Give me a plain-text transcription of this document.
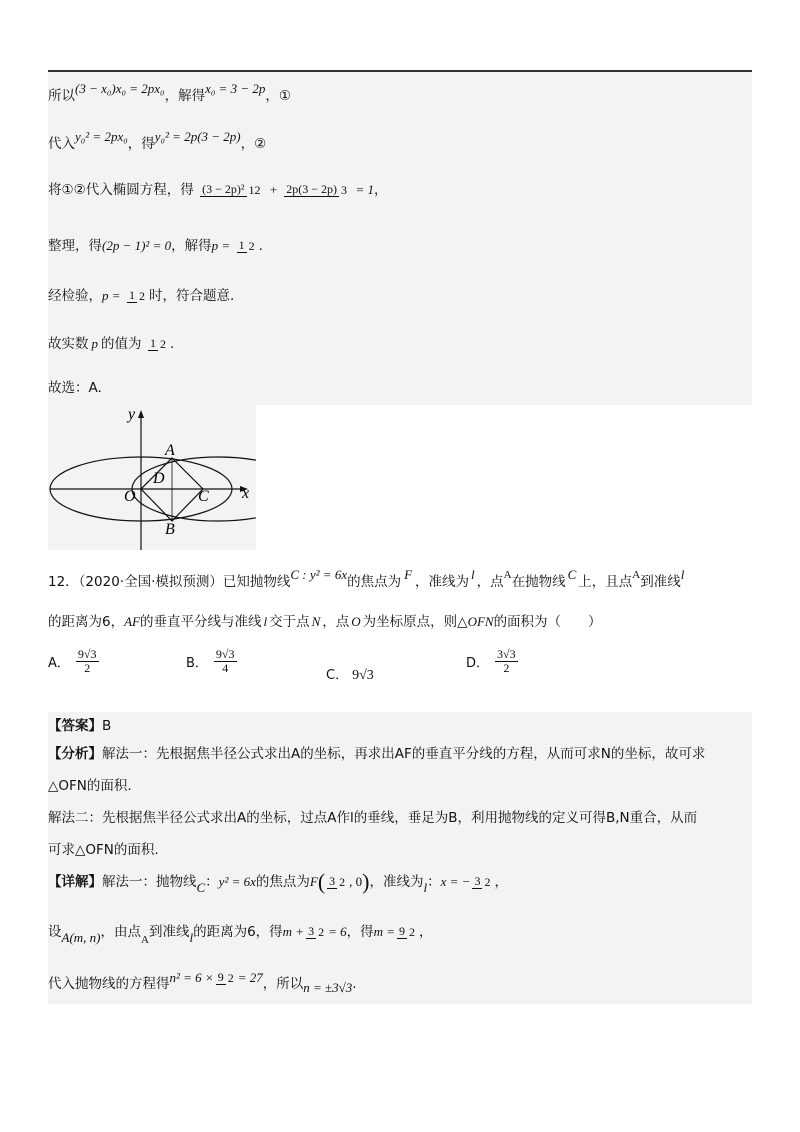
所以(3 − x₀)x₀ = 2px₀，解得x₀ = 3 − 2p，①
代入y₀² = 2px₀，得y₀² = 2p(3 − 2p)，②
将①②代入椭圆方程，得 (3 − 2p)² 12 + 2p(3 − 2p) 3 = 1，
整理，得(2p − 1)² = 0，解得p = 1 2 .
经检验，p = 1 2 时，符合题意.
故实数 p 的值为 1 2 .
故选：A.
y
x
A
B
C
D
O
12．（2020·全国·模拟预测）已知抛物线C : y² = 6x的焦点为 F ，准线为 l ，点A在抛物线 C 上，且点A到准线l
的距离为6，AF的垂直平分线与准线 l 交于点 N ，点 O 为坐标原点，则△OFN的面积为（　　）
A． $\frac{9√3}{2}$	B． $\frac{9√3}{4}$
C． 9√3
D． $\frac{3√3}{2}$
【答案】B
【分析】解法一：先根据焦半径公式求出A的坐标，再求出AF的垂直平分线的方程，从而可求N的坐标，故可求
△OFN的面积.
解法二：先根据焦半径公式求出A的坐标，过点A作l的垂线，垂足为B，利用抛物线的定义可得B,N重合，从而
可求△OFN的面积.
【详解】解法一：抛物线C：y² = 6x的焦点为F( 3 2 , 0)，准线为l：x = − 3 2 ，
设A(m, n)，由点A到准线l的距离为6，得m + 3 2 = 6，得m = 9 2 ，
代入抛物线的方程得n² = 6 × 9 2 = 27，所以n = ±3√3.
